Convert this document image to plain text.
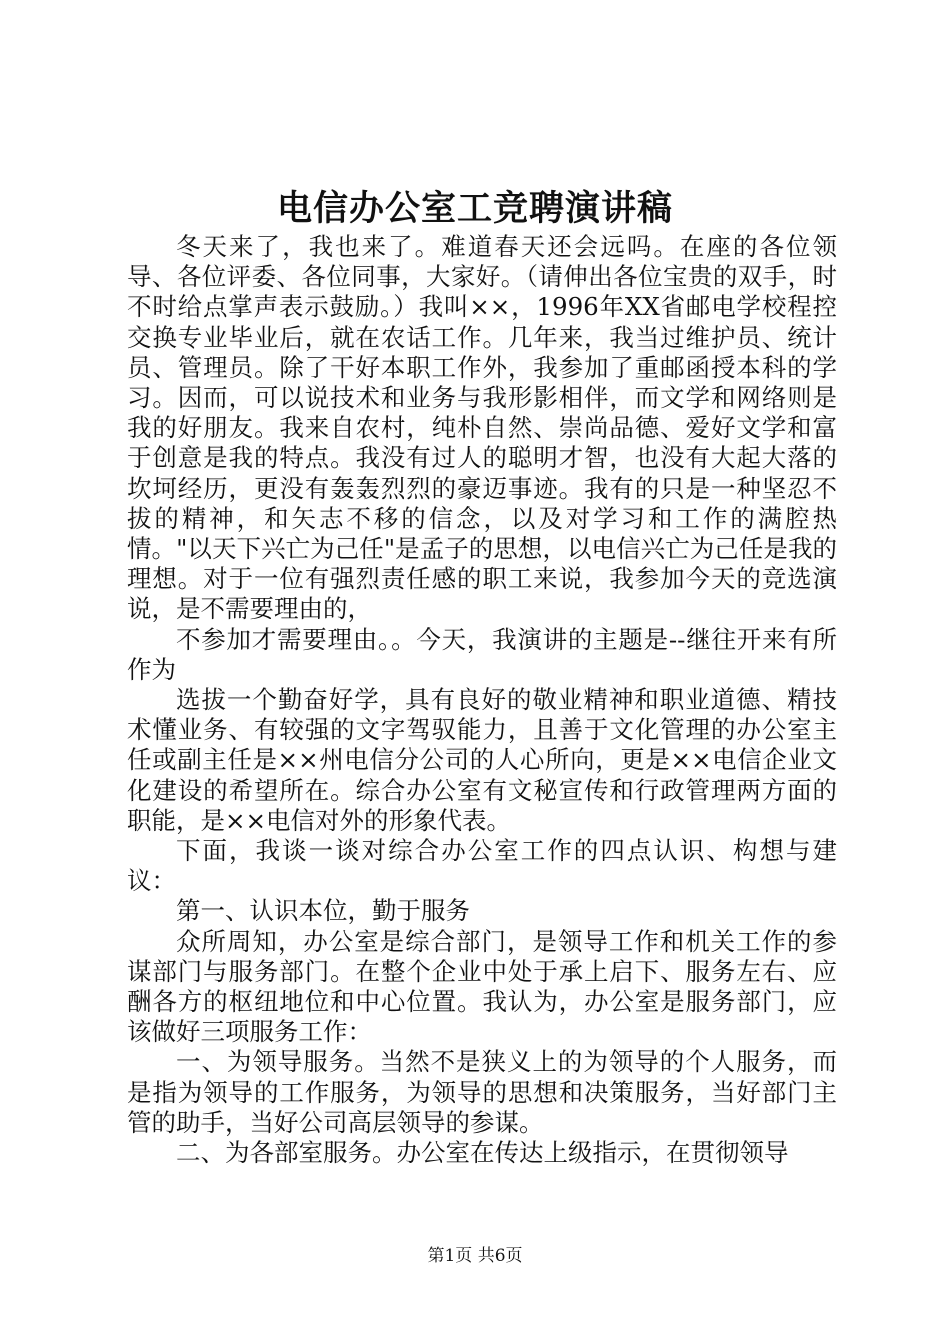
电信办公室工竞聘演讲稿

冬天来了，我也来了。难道春天还会远吗。在座的各位领导、各位评委、各位同事，大家好。（请伸出各位宝贵的双手，时不时给点掌声表示鼓励。）我叫××，1996年XX省邮电学校程控交换专业毕业后，就在农话工作。几年来，我当过维护员、统计员、管理员。除了干好本职工作外，我参加了重邮函授本科的学习。因而，可以说技术和业务与我形影相伴，而文学和网络则是我的好朋友。我来自农村，纯朴自然、崇尚品德、爱好文学和富于创意是我的特点。我没有过人的聪明才智，也没有大起大落的坎坷经历，更没有轰轰烈烈的豪迈事迹。我有的只是一种坚忍不拔的精神，和矢志不移的信念，以及对学习和工作的满腔热情。"以天下兴亡为己任"是孟子的思想，以电信兴亡为己任是我的理想。对于一位有强烈责任感的职工来说，我参加今天的竞选演说，是不需要理由的，

不参加才需要理由。。今天，我演讲的主题是--继往开来有所作为

选拔一个勤奋好学，具有良好的敬业精神和职业道德、精技术懂业务、有较强的文字驾驭能力，且善于文化管理的办公室主任或副主任是××州电信分公司的人心所向，更是××电信企业文化建设的希望所在。综合办公室有文秘宣传和行政管理两方面的职能，是××电信对外的形象代表。

下面，我谈一谈对综合办公室工作的四点认识、构想与建议：

第一、认识本位，勤于服务

众所周知，办公室是综合部门，是领导工作和机关工作的参谋部门与服务部门。在整个企业中处于承上启下、服务左右、应酬各方的枢纽地位和中心位置。我认为，办公室是服务部门，应该做好三项服务工作：

一、为领导服务。当然不是狭义上的为领导的个人服务，而是指为领导的工作服务，为领导的思想和决策服务，当好部门主管的助手，当好公司高层领导的参谋。

二、为各部室服务。办公室在传达上级指示，在贯彻领导

第1页 共6页
